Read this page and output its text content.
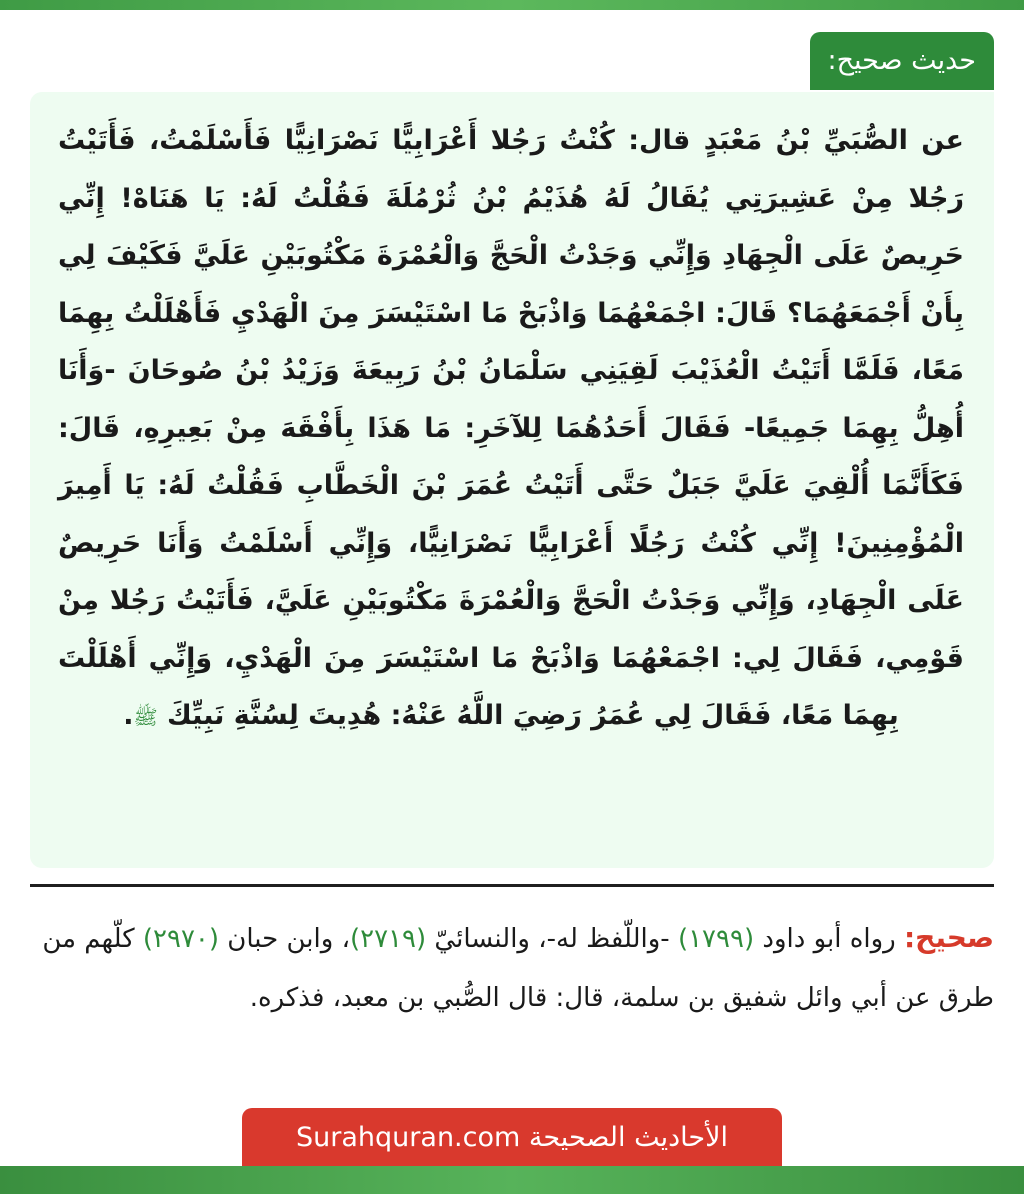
حديث صحيح:

عن الصُّبَيِّ بْنُ مَعْبَدٍ قال: كُنْتُ رَجُلا أَعْرَابِيًّا نَصْرَانِيًّا فَأَسْلَمْتُ، فَأَتَيْتُ رَجُلا مِنْ عَشِيرَتِي يُقَالُ لَهُ هُذَيْمُ بْنُ ثُرْمُلَةَ فَقُلْتُ لَهُ: يَا هَنَاهْ! إِنِّي حَرِيصٌ عَلَى الْجِهَادِ وَإِنِّي وَجَدْتُ الْحَجَّ وَالْعُمْرَةَ مَكْتُوبَيْنِ عَلَيَّ فَكَيْفَ لِي بِأَنْ أَجْمَعَهُمَا؟ قَالَ: اجْمَعْهُمَا وَاذْبَحْ مَا اسْتَيْسَرَ مِنَ الْهَدْيِ فَأَهْلَلْتُ بِهِمَا مَعًا، فَلَمَّا أَتَيْتُ الْعُذَيْبَ لَقِيَنِي سَلْمَانُ بْنُ رَبِيعَةَ وَزَيْدُ بْنُ صُوحَانَ -وَأَنَا أُهِلُّ بِهِمَا جَمِيعًا- فَقَالَ أَحَدُهُمَا لِلآخَرِ: مَا هَذَا بِأَفْقَهَ مِنْ بَعِيرِهِ، قَالَ: فَكَأَنَّمَا أُلْقِيَ عَلَيَّ جَبَلٌ حَتَّى أَتَيْتُ عُمَرَ بْنَ الْخَطَّابِ فَقُلْتُ لَهُ: يَا أَمِيرَ الْمُؤْمِنِينَ! إِنِّي كُنْتُ رَجُلًا أَعْرَابِيًّا نَصْرَانِيًّا، وَإِنِّي أَسْلَمْتُ وَأَنَا حَرِيصٌ عَلَى الْجِهَادِ، وَإِنِّي وَجَدْتُ الْحَجَّ وَالْعُمْرَةَ مَكْتُوبَيْنِ عَلَيَّ، فَأَتَيْتُ رَجُلا مِنْ قَوْمِي، فَقَالَ لِي: اجْمَعْهُمَا وَاذْبَحْ مَا اسْتَيْسَرَ مِنَ الْهَدْيِ، وَإِنِّي أَهْلَلْتَ بِهِمَا مَعًا، فَقَالَ لِي عُمَرُ رَضِيَ اللَّهُ عَنْهُ: هُدِيتَ لِسُنَّةِ نَبِيِّكَ ﷺ.

صحيح: رواه أبو داود (١٧٩٩) -واللّفظ له-، والنسائيّ (٢٧١٩)، وابن حبان (٢٩٧٠) كلّهم من طرق عن أبي وائل شفيق بن سلمة، قال: قال الصُّبي بن معبد، فذكره.

الأحاديث الصحيحة Surahquran.com
